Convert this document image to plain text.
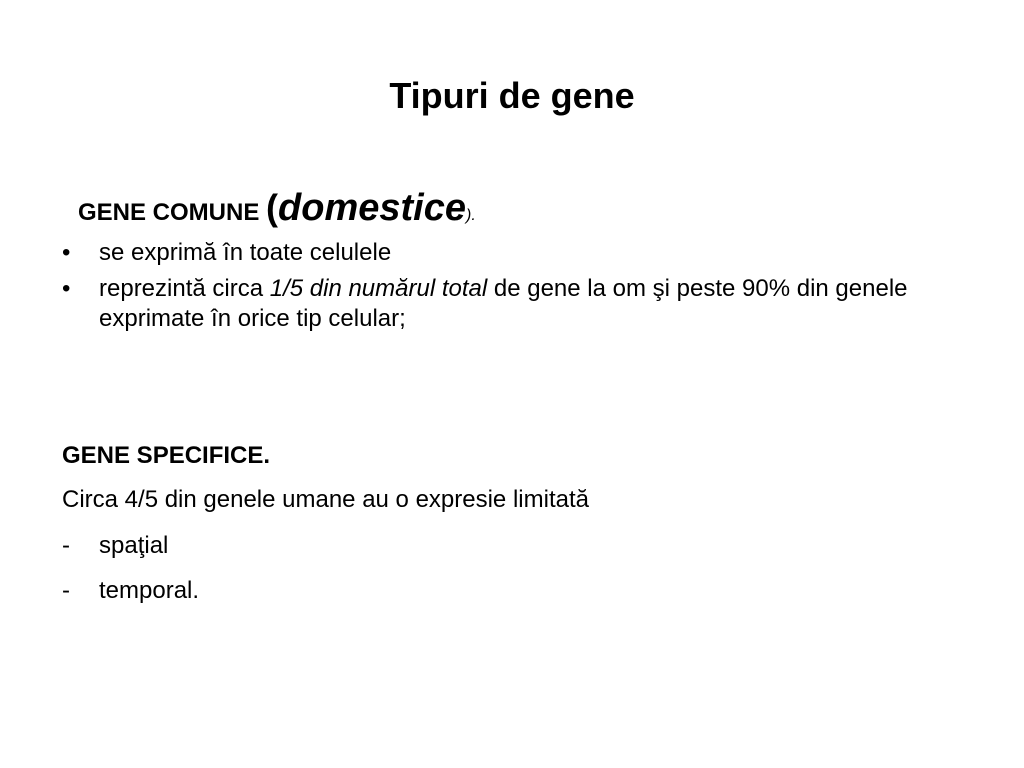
Tipuri de gene
GENE COMUNE (domestice).
• se exprimă în toate celulele
• reprezintă circa 1/5 din numărul total de gene la om şi peste 90% din genele exprimate în orice tip celular;
GENE SPECIFICE.
Circa 4/5 din genele umane au o expresie limitată
- spaţial
- temporal.
